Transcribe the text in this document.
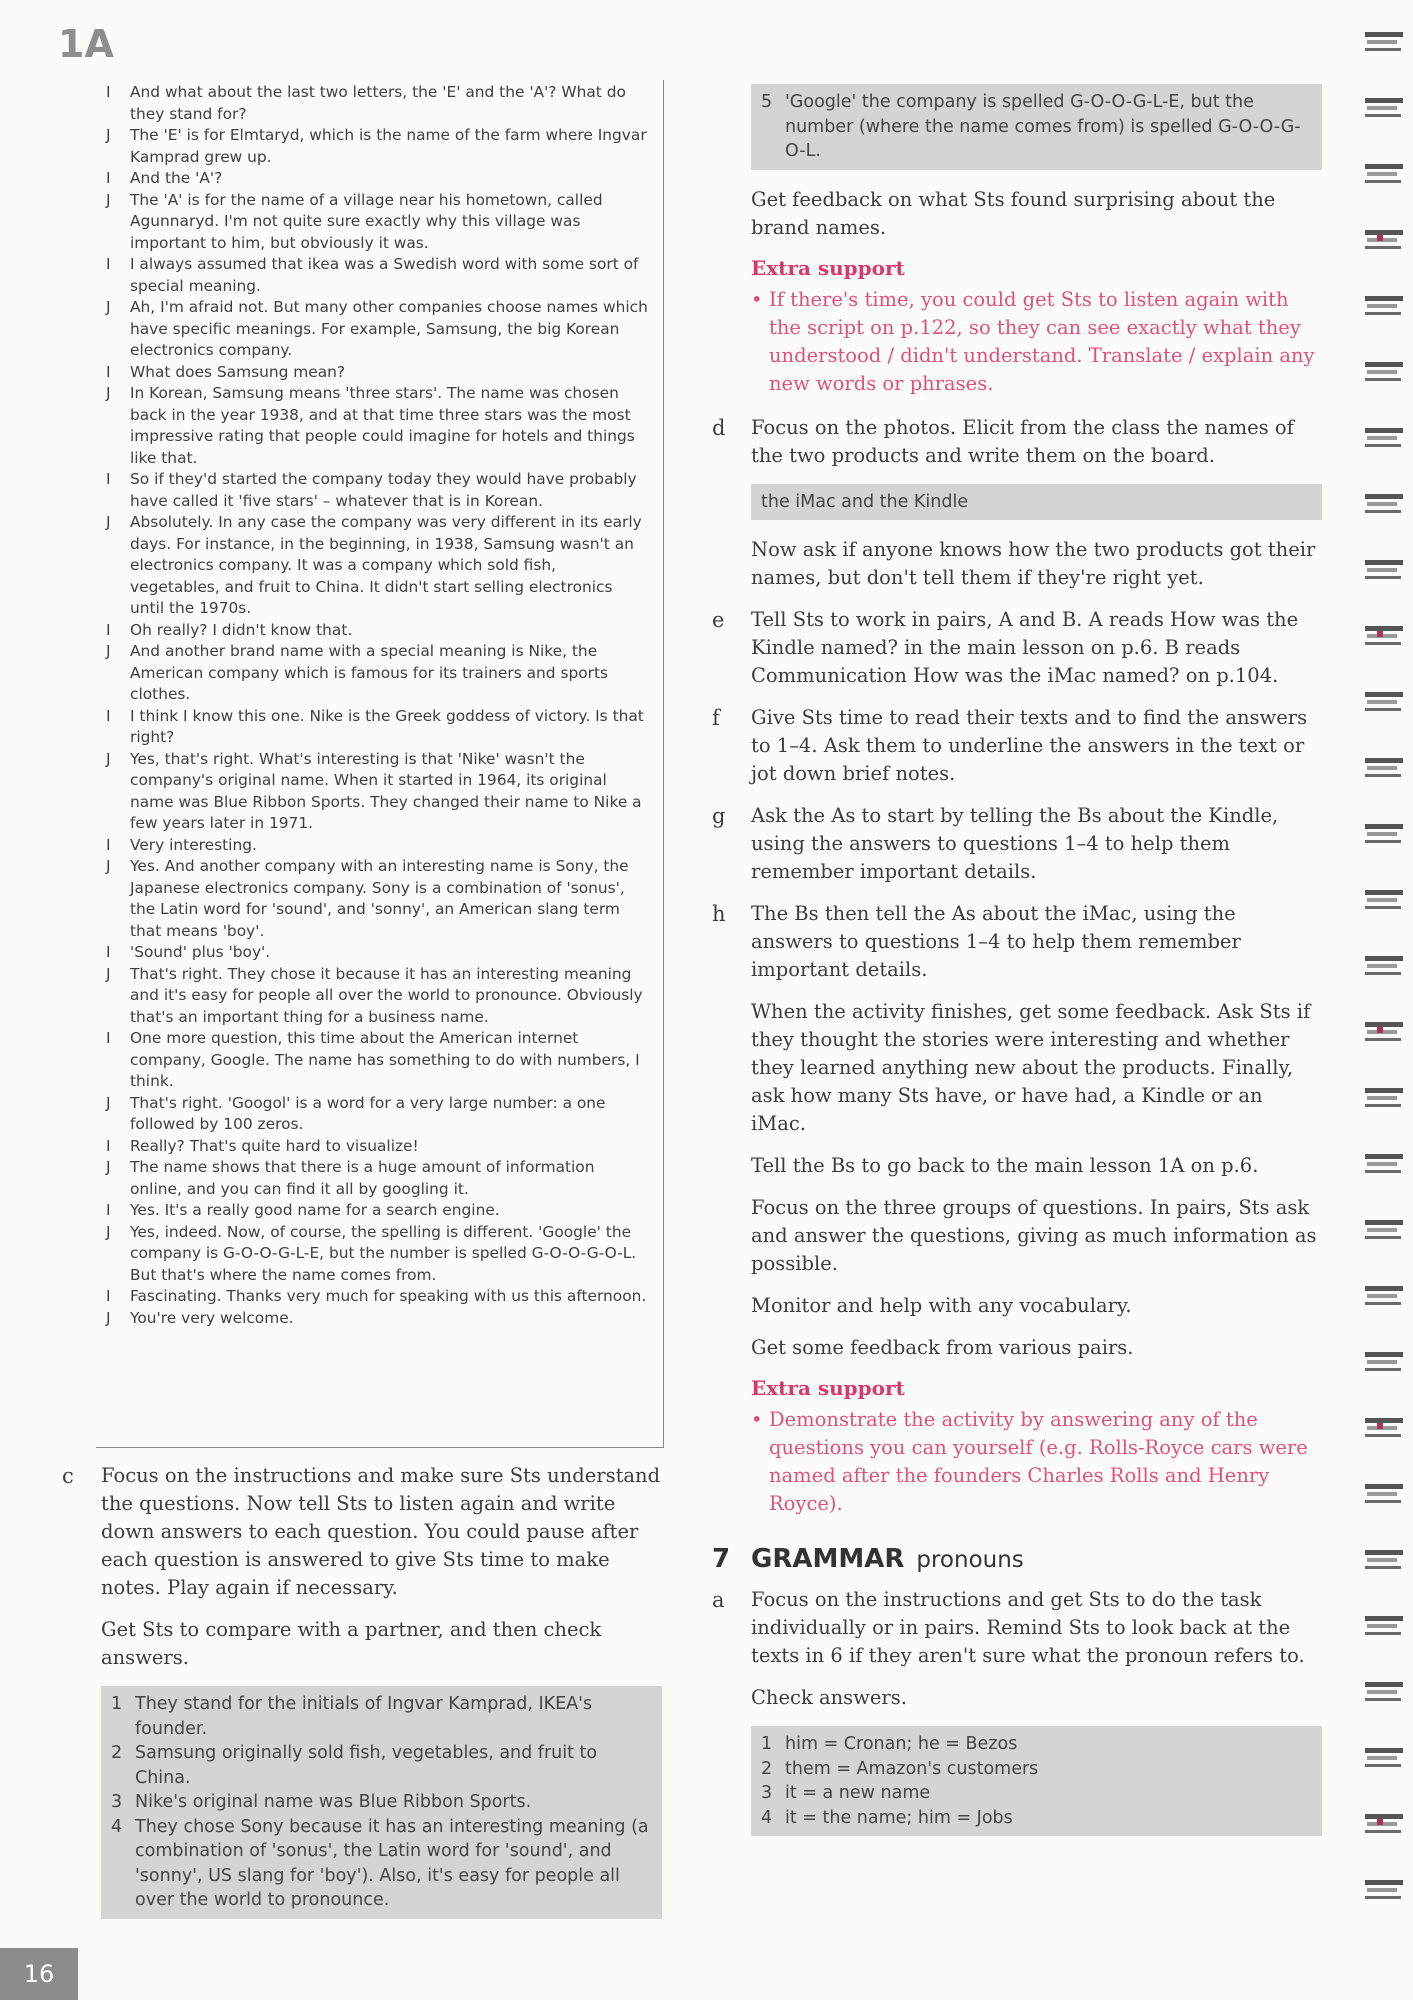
1A
I	And what about the last two letters, the 'E' and the 'A'? What do they stand for?
J	The 'E' is for Elmtaryd, which is the name of the farm where Ingvar Kamprad grew up.
I	And the 'A'?
J	The 'A' is for the name of a village near his hometown, called Agunnaryd. I'm not quite sure exactly why this village was important to him, but obviously it was.
I	I always assumed that ikea was a Swedish word with some sort of special meaning.
J	Ah, I'm afraid not. But many other companies choose names which have specific meanings. For example, Samsung, the big Korean electronics company.
I	What does Samsung mean?
J	In Korean, Samsung means 'three stars'. The name was chosen back in the year 1938, and at that time three stars was the most impressive rating that people could imagine for hotels and things like that.
I	So if they'd started the company today they would have probably have called it 'five stars' – whatever that is in Korean.
J	Absolutely. In any case the company was very different in its early days. For instance, in the beginning, in 1938, Samsung wasn't an electronics company. It was a company which sold fish, vegetables, and fruit to China. It didn't start selling electronics until the 1970s.
I	Oh really? I didn't know that.
J	And another brand name with a special meaning is Nike, the American company which is famous for its trainers and sports clothes.
I	I think I know this one. Nike is the Greek goddess of victory. Is that right?
J	Yes, that's right. What's interesting is that 'Nike' wasn't the company's original name. When it started in 1964, its original name was Blue Ribbon Sports. They changed their name to Nike a few years later in 1971.
I	Very interesting.
J	Yes. And another company with an interesting name is Sony, the Japanese electronics company. Sony is a combination of 'sonus', the Latin word for 'sound', and 'sonny', an American slang term that means 'boy'.
I	'Sound' plus 'boy'.
J	That's right. They chose it because it has an interesting meaning and it's easy for people all over the world to pronounce. Obviously that's an important thing for a business name.
I	One more question, this time about the American internet company, Google. The name has something to do with numbers, I think.
J	That's right. 'Googol' is a word for a very large number: a one followed by 100 zeros.
I	Really? That's quite hard to visualize!
J	The name shows that there is a huge amount of information online, and you can find it all by googling it.
I	Yes. It's a really good name for a search engine.
J	Yes, indeed. Now, of course, the spelling is different. 'Google' the company is G-O-O-G-L-E, but the number is spelled G-O-O-G-O-L. But that's where the name comes from.
I	Fascinating. Thanks very much for speaking with us this afternoon.
J	You're very welcome.
c	Focus on the instructions and make sure Sts understand the questions. Now tell Sts to listen again and write down answers to each question. You could pause after each question is answered to give Sts time to make notes. Play again if necessary.
Get Sts to compare with a partner, and then check answers.
1 They stand for the initials of Ingvar Kamprad, IKEA's founder.
2 Samsung originally sold fish, vegetables, and fruit to China.
3 Nike's original name was Blue Ribbon Sports.
4 They chose Sony because it has an interesting meaning (a combination of 'sonus', the Latin word for 'sound', and 'sonny', US slang for 'boy'). Also, it's easy for people all over the world to pronounce.
5 'Google' the company is spelled G-O-O-G-L-E, but the number (where the name comes from) is spelled G-O-O-G-O-L.
Get feedback on what Sts found surprising about the brand names.
Extra support
• If there's time, you could get Sts to listen again with the script on p.122, so they can see exactly what they understood / didn't understand. Translate / explain any new words or phrases.
d	Focus on the photos. Elicit from the class the names of the two products and write them on the board.
the iMac and the Kindle
Now ask if anyone knows how the two products got their names, but don't tell them if they're right yet.
e	Tell Sts to work in pairs, A and B. A reads How was the Kindle named? in the main lesson on p.6. B reads Communication How was the iMac named? on p.104.
f	Give Sts time to read their texts and to find the answers to 1–4. Ask them to underline the answers in the text or jot down brief notes.
g	Ask the As to start by telling the Bs about the Kindle, using the answers to questions 1–4 to help them remember important details.
h	The Bs then tell the As about the iMac, using the answers to questions 1–4 to help them remember important details.
When the activity finishes, get some feedback. Ask Sts if they thought the stories were interesting and whether they learned anything new about the products. Finally, ask how many Sts have, or have had, a Kindle or an iMac.
Tell the Bs to go back to the main lesson 1A on p.6.
Focus on the three groups of questions. In pairs, Sts ask and answer the questions, giving as much information as possible.
Monitor and help with any vocabulary.
Get some feedback from various pairs.
Extra support
• Demonstrate the activity by answering any of the questions you can yourself (e.g. Rolls-Royce cars were named after the founders Charles Rolls and Henry Royce).
7 GRAMMAR pronouns
a	Focus on the instructions and get Sts to do the task individually or in pairs. Remind Sts to look back at the texts in 6 if they aren't sure what the pronoun refers to.
Check answers.
1 him = Cronan; he = Bezos
2 them = Amazon's customers
3 it = a new name
4 it = the name; him = Jobs
16
